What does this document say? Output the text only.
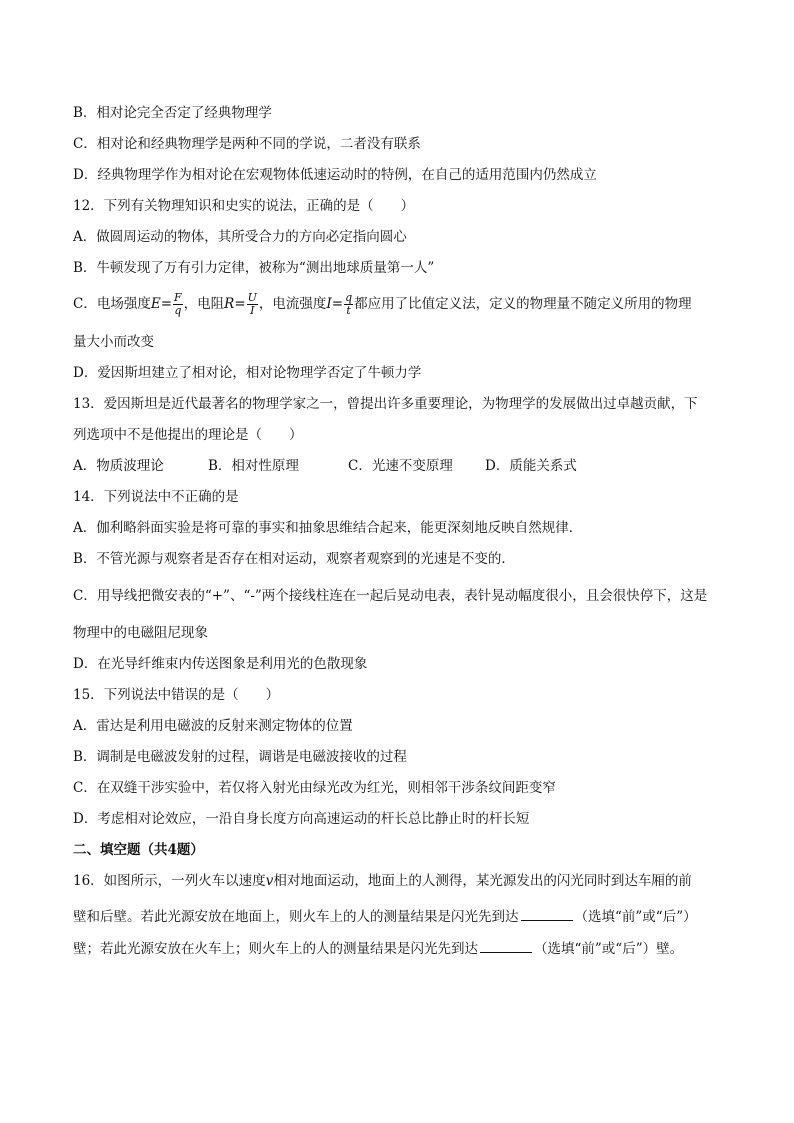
B．相对论完全否定了经典物理学
C．相对论和经典物理学是两种不同的学说，二者没有联系
D．经典物理学作为相对论在宏观物体低速运动时的特例，在自己的适用范围内仍然成立
12．下列有关物理知识和史实的说法，正确的是（　　）
A．做圆周运动的物体，其所受合力的方向必定指向圆心
B．牛顿发现了万有引力定律，被称为“测出地球质量第一人”
C．电场强度$E= \frac{F}{q}$ ，电阻$R= \frac{U}{I}$ ，电流强度$I= \frac{q}{t}$ 都应用了比值定义法，定义的物理量不随定义所用的物理
量大小而改变
D．爱因斯坦建立了相对论，相对论物理学否定了牛顿力学
13．爱因斯坦是近代最著名的物理学家之一，曾提出许多重要理论，为物理学的发展做出过卓越贡献，下
列选项中不是他提出的理论是（　　）
A．物质波理论	B．相对性原理	C．光速不变原理 D．质能关系式
14．下列说法中不正确的是
A．伽利略斜面实验是将可靠的事实和抽象思维结合起来，能更深刻地反映自然规律．
B．不管光源与观察者是否存在相对运动，观察者观察到的光速是不变的．
C．用导线把微安表的“+”、“-”两个接线柱连在一起后晃动电表，表针晃动幅度很小，且会很快停下，这是
物理中的电磁阻尼现象
D．在光导纤维束内传送图象是利用光的色散现象
15．下列说法中错误的是（　　）
A．雷达是利用电磁波的反射来测定物体的位置
B．调制是电磁波发射的过程，调谐是电磁波接收的过程
C．在双缝干涉实验中，若仅将入射光由绿光改为红光，则相邻干涉条纹间距变窄
D．考虑相对论效应，一沿自身长度方向高速运动的杆长总比静止时的杆长短
二、填空题（共4题）
16．如图所示，一列火车以速度v相对地面运动，地面上的人测得，某光源发出的闪光同时到达车厢的前
壁和后壁。若此光源安放在地面上，则火车上的人的测量结果是闪光先到达	（选填“前”或“后”）
壁；若此光源安放在火车上；则火车上的人的测量结果是闪光先到达	（选填“前”或“后”）壁。
